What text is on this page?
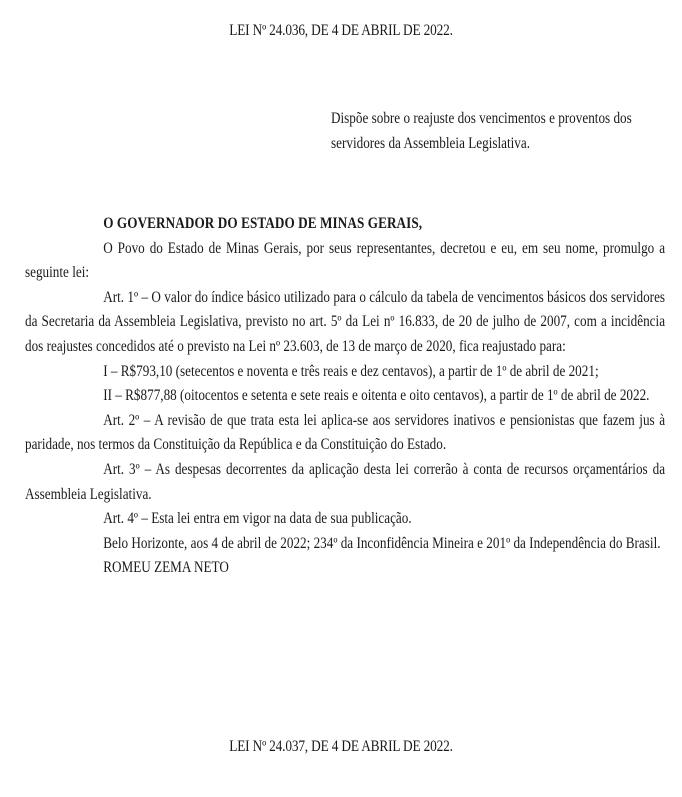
LEI Nº 24.036, DE 4 DE ABRIL DE 2022.
Dispõe sobre o reajuste dos vencimentos e proventos dos servidores da Assembleia Legislativa.

O GOVERNADOR DO ESTADO DE MINAS GERAIS,

O Povo do Estado de Minas Gerais, por seus representantes, decretou e eu, em seu nome, promulgo a seguinte lei:

Art. 1º – O valor do índice básico utilizado para o cálculo da tabela de vencimentos básicos dos servidores da Secretaria da Assembleia Legislativa, previsto no art. 5º da Lei nº 16.833, de 20 de julho de 2007, com a incidência dos reajustes concedidos até o previsto na Lei nº 23.603, de 13 de março de 2020, fica reajustado para:

I – R$793,10 (setecentos e noventa e três reais e dez centavos), a partir de 1º de abril de 2021;

II – R$877,88 (oitocentos e setenta e sete reais e oitenta e oito centavos), a partir de 1º de abril de 2022.

Art. 2º – A revisão de que trata esta lei aplica-se aos servidores inativos e pensionistas que fazem jus à paridade, nos termos da Constituição da República e da Constituição do Estado.

Art. 3º – As despesas decorrentes da aplicação desta lei correrão à conta de recursos orçamentários da Assembleia Legislativa.

Art. 4º – Esta lei entra em vigor na data de sua publicação.

Belo Horizonte, aos 4 de abril de 2022; 234º da Inconfidência Mineira e 201º da Independência do Brasil.

ROMEU ZEMA NETO

LEI Nº 24.037, DE 4 DE ABRIL DE 2022.
